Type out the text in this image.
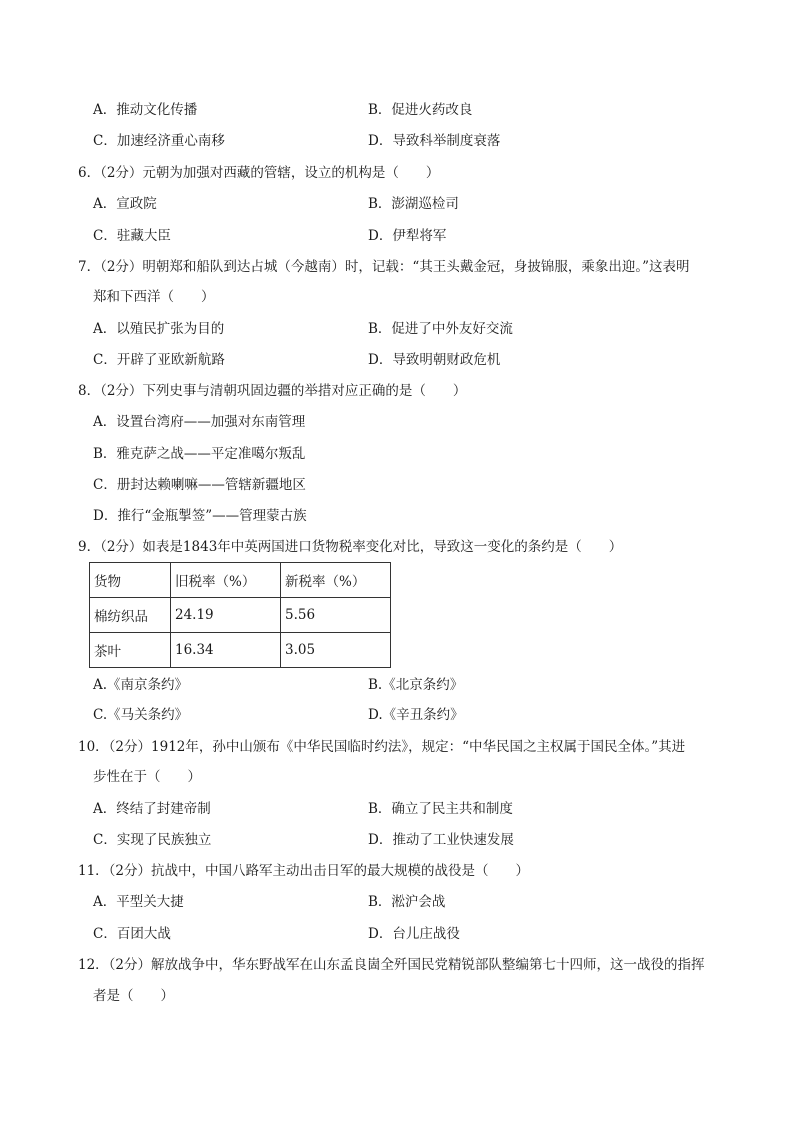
A．推动文化传播	B．促进火药改良
C．加速经济重心南移	D．导致科举制度衰落
6．（2分）元朝为加强对西藏的管辖，设立的机构是（　　）
A．宣政院	B．澎湖巡检司
C．驻藏大臣	D．伊犁将军
7．（2分）明朝郑和船队到达占城（今越南）时，记载：“其王头戴金冠，身披锦服，乘象出迎。”这表明
郑和下西洋（　　）
A．以殖民扩张为目的	B．促进了中外友好交流
C．开辟了亚欧新航路	D．导致明朝财政危机
8．（2分）下列史事与清朝巩固边疆的举措对应正确的是（　　）
A．设置台湾府——加强对东南管理
B．雅克萨之战——平定准噶尔叛乱
C．册封达赖喇嘛——管辖新疆地区
D．推行“金瓶掣签”——管理蒙古族
9．（2分）如表是1843年中英两国进口货物税率变化对比，导致这一变化的条约是（　　）
货物	旧税率（%）	新税率（%）
棉纺织品	24.19	5.56
茶叶	16.34	3.05
A.《南京条约》	B.《北京条约》
C.《马关条约》	D.《辛丑条约》
10．（2分）1912年，孙中山颁布《中华民国临时约法》，规定：“中华民国之主权属于国民全体。”其进
步性在于（　　）
A．终结了封建帝制	B．确立了民主共和制度
C．实现了民族独立	D．推动了工业快速发展
11．（2分）抗战中，中国八路军主动出击日军的最大规模的战役是（　　）
A．平型关大捷	B．淞沪会战
C．百团大战	D．台儿庄战役
12．（2分）解放战争中，华东野战军在山东孟良崮全歼国民党精锐部队整编第七十四师，这一战役的指挥
者是（　　）
